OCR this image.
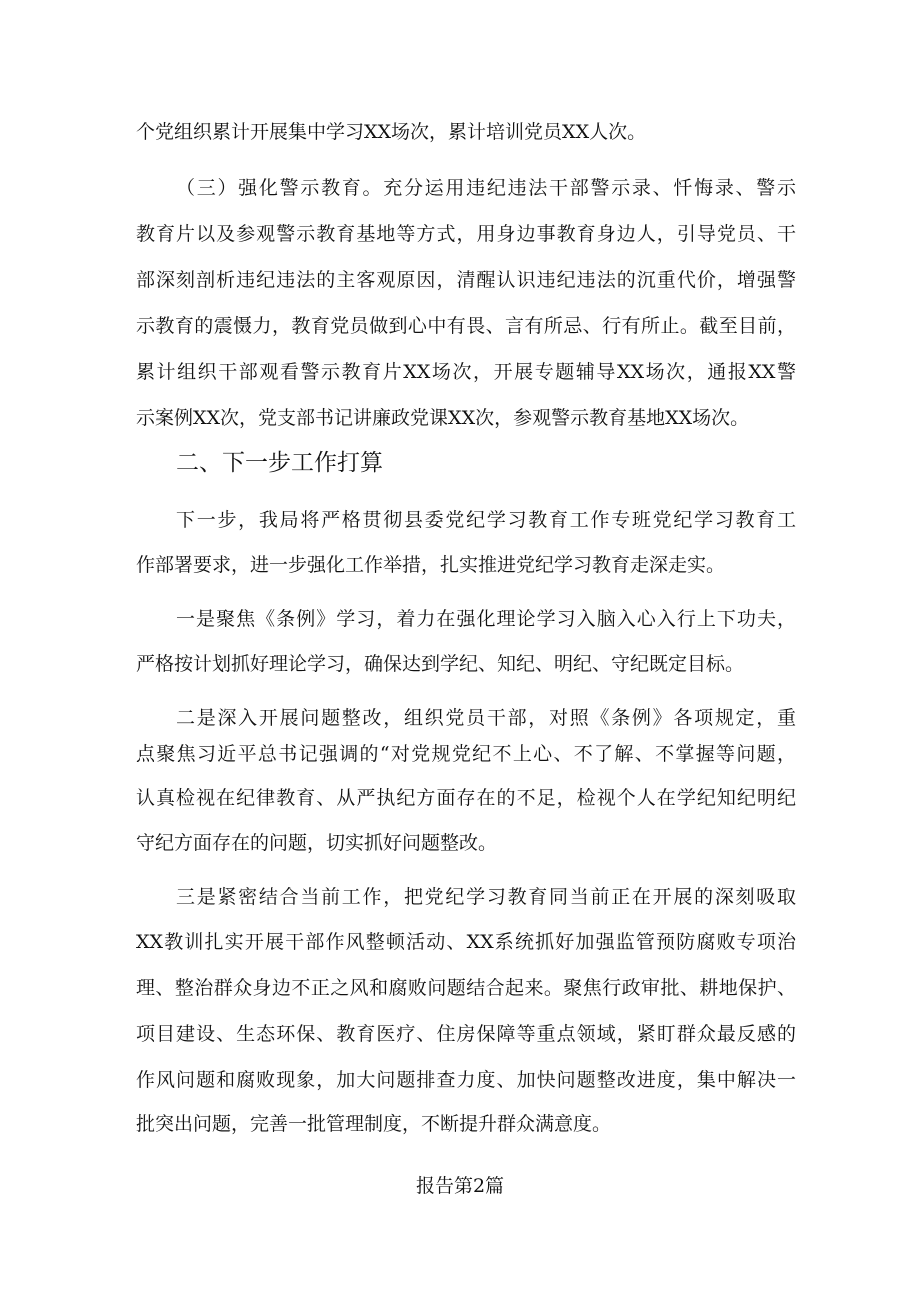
个党组织累计开展集中学习XX场次，累计培训党员XX人次。
（三）强化警示教育。充分运用违纪违法干部警示录、忏悔录、警示
教育片以及参观警示教育基地等方式，用身边事教育身边人，引导党员、干
部深刻剖析违纪违法的主客观原因，清醒认识违纪违法的沉重代价，增强警
示教育的震慑力，教育党员做到心中有畏、言有所忌、行有所止。截至目前，
累计组织干部观看警示教育片XX场次，开展专题辅导XX场次，通报XX警
示案例XX次，党支部书记讲廉政党课XX次，参观警示教育基地XX场次。
二、下一步工作打算
下一步，我局将严格贯彻县委党纪学习教育工作专班党纪学习教育工
作部署要求，进一步强化工作举措，扎实推进党纪学习教育走深走实。
一是聚焦《条例》学习，着力在强化理论学习入脑入心入行上下功夫，
严格按计划抓好理论学习，确保达到学纪、知纪、明纪、守纪既定目标。
二是深入开展问题整改，组织党员干部，对照《条例》各项规定，重
点聚焦习近平总书记强调的“对党规党纪不上心、不了解、不掌握等问题，
认真检视在纪律教育、从严执纪方面存在的不足，检视个人在学纪知纪明纪
守纪方面存在的问题，切实抓好问题整改。
三是紧密结合当前工作，把党纪学习教育同当前正在开展的深刻吸取
XX教训扎实开展干部作风整顿活动、XX系统抓好加强监管预防腐败专项治
理、整治群众身边不正之风和腐败问题结合起来。聚焦行政审批、耕地保护、
项目建设、生态环保、教育医疗、住房保障等重点领域，紧盯群众最反感的
作风问题和腐败现象，加大问题排查力度、加快问题整改进度，集中解决一
批突出问题，完善一批管理制度，不断提升群众满意度。
报告第2篇
